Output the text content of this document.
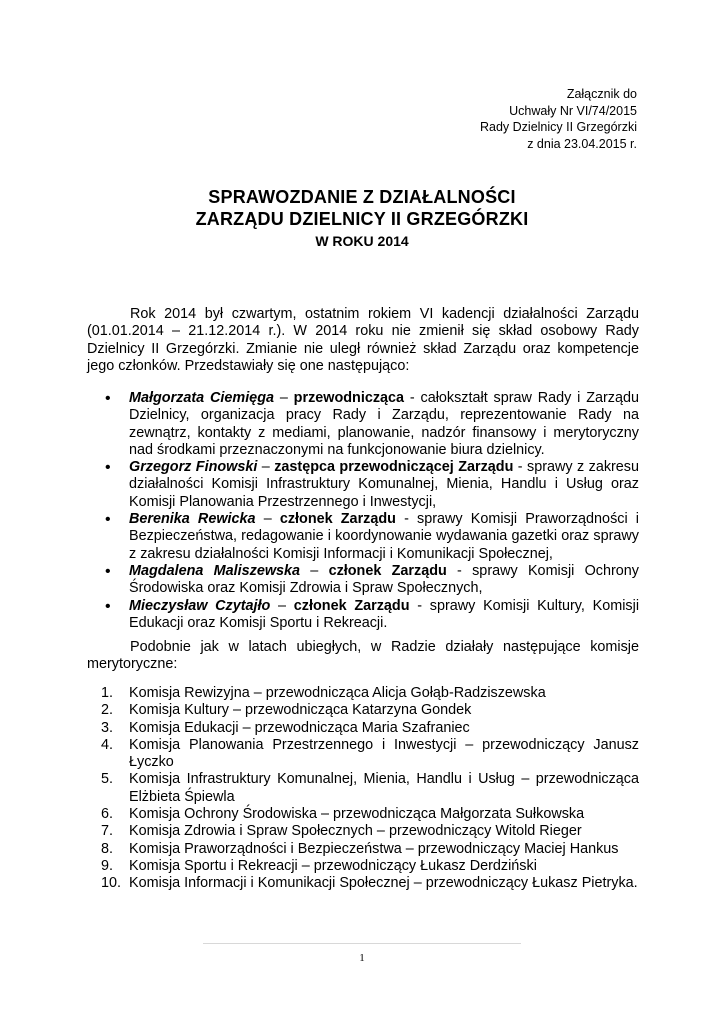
Załącznik do
Uchwały Nr VI/74/2015
Rady Dzielnicy II Grzegórzki
z dnia 23.04.2015 r.
SPRAWOZDANIE Z DZIAŁALNOŚCI
ZARZĄDU DZIELNICY II GRZEGÓRZKI
W ROKU 2014

Rok 2014 był czwartym, ostatnim rokiem VI kadencji działalności Zarządu (01.01.2014 – 21.12.2014 r.). W 2014 roku nie zmienił się skład osobowy Rady Dzielnicy II Grzegórzki. Zmianie nie uległ również skład Zarządu oraz kompetencje jego członków. Przedstawiały się one następująco:

• Małgorzata Ciemięga – przewodnicząca - całokształt spraw Rady i Zarządu Dzielnicy, organizacja pracy Rady i Zarządu, reprezentowanie Rady na zewnątrz, kontakty z mediami, planowanie, nadzór finansowy i merytoryczny nad środkami przeznaczonymi na funkcjonowanie biura dzielnicy.
• Grzegorz Finowski – zastępca przewodniczącej Zarządu - sprawy z zakresu działalności Komisji Infrastruktury Komunalnej, Mienia, Handlu i Usług oraz Komisji Planowania Przestrzennego i Inwestycji,
• Berenika Rewicka – członek Zarządu - sprawy Komisji Praworządności i Bezpieczeństwa, redagowanie i koordynowanie wydawania gazetki oraz sprawy z zakresu działalności Komisji Informacji i Komunikacji Społecznej,
• Magdalena Maliszewska – członek Zarządu - sprawy Komisji Ochrony Środowiska oraz Komisji Zdrowia i Spraw Społecznych,
• Mieczysław Czytajło – członek Zarządu - sprawy Komisji Kultury, Komisji Edukacji oraz Komisji Sportu i Rekreacji.

Podobnie jak w latach ubiegłych, w Radzie działały następujące komisje merytoryczne:

1. Komisja Rewizyjna – przewodnicząca Alicja Gołąb-Radziszewska
2. Komisja Kultury – przewodnicząca Katarzyna Gondek
3. Komisja Edukacji – przewodnicząca Maria Szafraniec
4. Komisja Planowania Przestrzennego i Inwestycji – przewodniczący Janusz Łyczko
5. Komisja Infrastruktury Komunalnej, Mienia, Handlu i Usług – przewodnicząca Elżbieta Śpiewla
6. Komisja Ochrony Środowiska – przewodnicząca Małgorzata Sułkowska
7. Komisja Zdrowia i Spraw Społecznych – przewodniczący Witold Rieger
8. Komisja Praworządności i Bezpieczeństwa – przewodniczący Maciej Hankus
9. Komisja Sportu i Rekreacji – przewodniczący Łukasz Derdziński
10. Komisja Informacji i Komunikacji Społecznej – przewodniczący Łukasz Pietryka.
1
